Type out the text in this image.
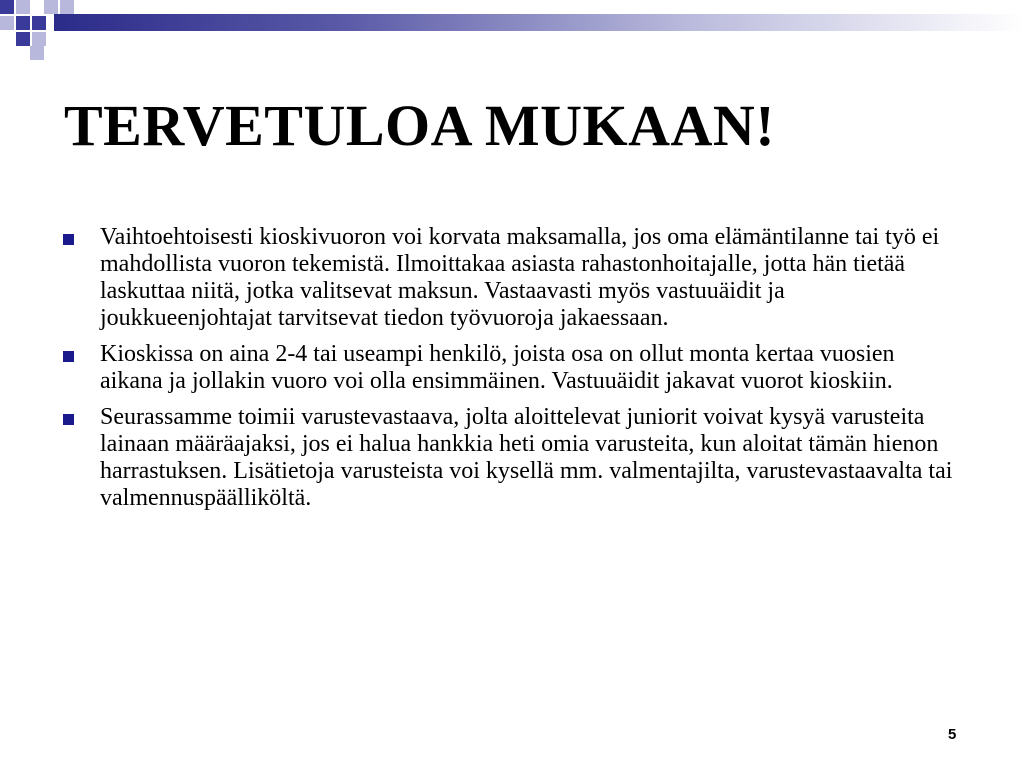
TERVETULOA MUKAAN!
Vaihtoehtoisesti kioskivuoron voi korvata maksamalla, jos oma elämäntilanne tai työ ei mahdollista vuoron tekemistä. Ilmoittakaa asiasta rahastonhoitajalle, jotta hän tietää laskuttaa niitä, jotka valitsevat maksun. Vastaavasti myös vastuuäidit ja joukkueenjohtajat tarvitsevat tiedon työvuoroja jakaessaan.
Kioskissa on aina 2-4 tai useampi henkilö, joista osa on ollut monta kertaa vuosien aikana ja jollakin vuoro voi olla ensimmäinen. Vastuuäidit jakavat vuorot kioskiin.
Seurassamme toimii varustevastaava, jolta aloittelevat juniorit voivat kysyä varusteita lainaan määräajaksi, jos ei halua hankkia heti omia varusteita, kun aloitat tämän hienon harrastuksen. Lisätietoja varusteista voi kysellä mm. valmentajilta, varustevastaavalta tai valmennuspäälliköltä.
5
